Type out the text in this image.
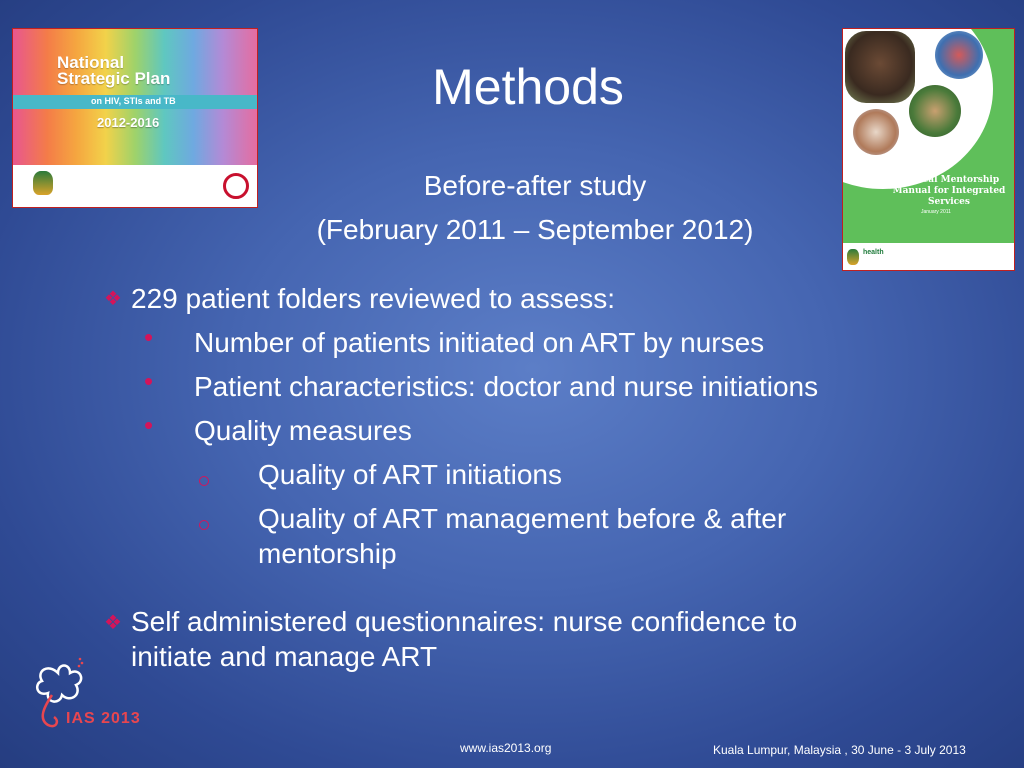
National
Strategic Plan
on HIV, STIs and TB
2012-2016
Methods
Before-after study
(February 2011 – September 2012)
Clinical Mentorship Manual for Integrated Services
January 2011
health
❖ 229 patient folders reviewed to assess:
• Number of patients initiated on ART by nurses
• Patient characteristics: doctor and nurse initiations
• Quality measures
Quality of ART initiations
Quality of ART management before & after
mentorship
❖ Self administered questionnaires: nurse confidence to
initiate and manage ART
IAS 2013
www.ias2013.org	Kuala Lumpur, Malaysia , 30 June - 3 July 2013
